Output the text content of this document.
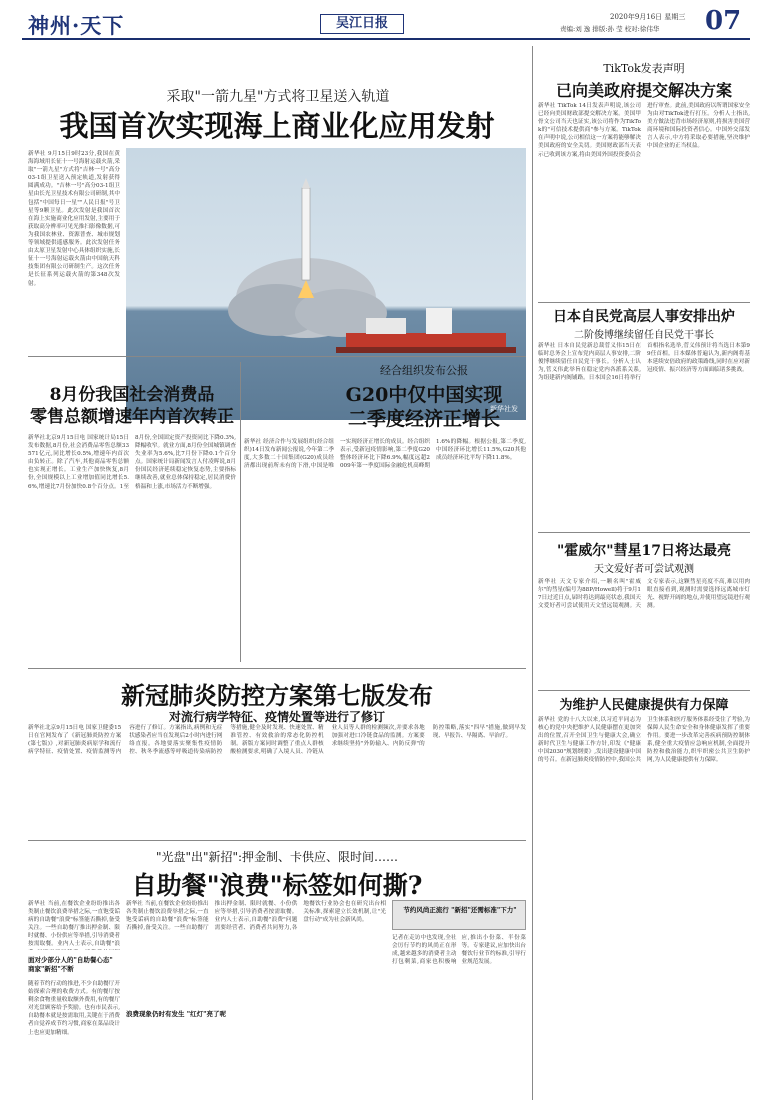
神州·天下	吴江日报	2020年9月16日 星期三
责编:刘 逸 排版:孙 莹 校对:徐伟华 07
采取"一箭九星"方式将卫星送入轨道
我国首次实现海上商业化应用发射
新华社 9月15日9时23分,我国在黄海海域用长征十一号海射运载火箭,采取"一箭九星"方式将"吉林一号"高分03-1组卫星送入预定轨道,发射获得圆满成功。"吉林一号"高分03-1组卫星由长光卫星技术有限公司研制,其中包括"中国每日一星""人民日报"号卫星等9颗卫星。此次发射是我国首次在海上实施商业化应用发射,主要用于获取高分辨率可见光推扫影像数据,可为我国农林业、资源普查、城市规划等领域提供遥感服务。此次发射任务由太原卫星发射中心具体组织实施,长征十一号海射运载火箭由中国航天科技集团有限公司研制生产。这次任务是长征系列运载火箭的第348次发射。
新华社发
8月份我国社会消费品
零售总额增速年内首次转正
新华社北京9月15日电 国家统计局15日发布数据,8月份,社会消费品零售总额33571亿元,同比增长0.5%,增速年内首次由负转正。除了汽车,其他商品零售总额也实现正增长。工业生产加快恢复,8月份,全国规模以上工业增加值同比增长5.6%,增速比7月份加快0.8个百分点。1至8月份,全国固定资产投资同比下降0.3%,降幅收窄。就业方面,8月份全国城镇调查失业率为5.6%,比7月份下降0.1个百分点。国家统计局新闻发言人付凌晖说,8月份国民经济延续稳定恢复态势,主要指标继续改善,就业总体保持稳定,居民消费价格温和上涨,市场活力不断增强。
经合组织发布公报
G20中仅中国实现
二季度经济正增长
新华社 经济合作与发展组织(经合组织)14日发布新闻公报说,今年第二季度,大多数二十国集团(G20)成员经济都出现前所未有的下滑,中国是唯一实现经济正增长的成员。经合组织表示,受新冠疫情影响,第二季度G20整体经济环比下降6.9%,幅度远超2009年第一季度国际金融危机高峰期1.6%的降幅。根据公报,第二季度,中国经济环比增长11.5%,G20其他成员经济环比平均下降11.8%。
新冠肺炎防控方案第七版发布
对流行病学特征、疫情处置等进行了修订
新华社北京9月15日电 国家卫健委15日在官网发布了《新冠肺炎防控方案(第七版)》,对新冠肺炎病原学和流行病学特征、疫情处置、疫情监测等内容进行了修订。方案指出,病例和无症状感染者应当在发现后2小时内进行网络直报。各地要落实聚集性疫情防控、秋冬季流感等呼吸道传染病防控等措施,健全及时发现、快速处置、精准管控、有效救治的常态化防控机制。新版方案同时调整了重点人群核酸检测要求,明确了入境人员、冷链从业人员等人群的检测频次,并要求各地加强对进口冷链食品的监测。方案要求继续坚持"外防输入、内防反弹"的防控策略,落实"四早"措施,做到早发现、早报告、早隔离、早治疗。
"光盘"出"新招":押金制、卡供应、限时间……
自助餐"浪费"标签如何撕?
新华社 当前,在餐饮企业纷纷推出各类制止餐饮浪费举措之际,一直饱受诟病的自助餐"浪费"标签能否撕掉,备受关注。一些自助餐厅推出押金制、限时就餐、小份供应等举措,引导消费者按需取餐。业内人士表示,自助餐"浪
面对少部分人的"自助餐心态" 商家"新招"不断
随着节约行动的推进,不少自助餐厅开始探索合理的收费方式。有的餐厅按剩余食物重量收取额外费用,有的餐厅对光盘顾客给予奖励。也有市民表示,自助餐本就是按需取用,关键在于消费者自觉养成节约习惯,商家在菜品设计上也应更加精细。
浪费现象仍时有发生 "红灯"亮了呢
新华社 当前,在餐饮企业纷纷推出各类制止餐饮浪费举措之际,一直饱受诟病的自助餐"浪费"标签能否撕掉,备受关注。一些自助餐厅推出押金制、限时就餐、小份供应等举措,引导消费者按需取餐。业内人士表示,自助餐"浪费"问题需要经营者、消费者共同努力,各地餐饮行业协会也在研究出台相关标准,探索建立长效机制,让"光盘行动"成为社会新风尚。
节约风尚正流行 "新招"还需标准"下力"
记者在走访中也发现,全社会厉行节约的风尚正在形成,越来越多的消费者主动打包剩菜,商家也积极响应,推出小份菜、半份菜等。专家建议,应加快出台餐饮行业节约标准,引导行业规范发展。
TikTok发表声明
已向美政府提交解决方案
新华社 TikTok 14日发表声明说,该公司已经向美国财政部提交解决方案。美国甲骨文公司当天也证实,该公司将作为TikTok的"可信技术提供商"参与方案。TikTok在声明中说,公司相信这一方案将能够解决美国政府的安全关切。美国财政部当天表示已收到该方案,将由美国外国投资委员会进行审查。此前,美国政府以所谓国家安全为由对TikTok进行打压。分析人士指出,美方做法违背市场经济原则,将损害美国营商环境和国际投资者信心。中国外交部发言人表示,中方将采取必要措施,坚决维护中国企业的正当权益。
日本自民党高层人事安排出炉
二阶俊博继续留任自民党干事长
新华社 日本自民党新总裁菅义伟15日在临时总务会上宣布党内高层人事安排,二阶俊博继续留任自民党干事长。分析人士认为,菅义伟此举旨在稳定党内各派系关系,为组建新内阁铺路。日本国会16日将举行首相指名选举,菅义伟预计将当选日本第99任首相。日本媒体普遍认为,新内阁将基本延续安倍政府的政策路线,同时在应对新冠疫情、振兴经济等方面面临诸多挑战。
"霍威尔"彗星17日将达最亮
天文爱好者可尝试观测
新华社 天文专家介绍,一颗名叫"霍威尔"的彗星(编号为88P/Howell)将于9月17日过近日点,届时将达到最亮状态,我国天文爱好者可尝试使用天文望远镜观测。天文专家表示,这颗彗星亮度不高,难以用肉眼直接看到,观测时需要选择远离城市灯光、视野开阔的地点,并使用望远镜进行观测。
为维护人民健康提供有力保障
新华社 党的十八大以来,以习近平同志为核心的党中央把维护人民健康摆在更加突出的位置,召开全国卫生与健康大会,确立新时代卫生与健康工作方针,印发《"健康中国2030"规划纲要》,发出建设健康中国的号召。在新冠肺炎疫情防控中,我国公共卫生体系和医疗服务体系经受住了考验,为保障人民生命安全和身体健康发挥了重要作用。要进一步改革完善疾病预防控制体系,健全重大疫情应急响应机制,全面提升防控和救治能力,织牢织密公共卫生防护网,为人民健康提供有力保障。
